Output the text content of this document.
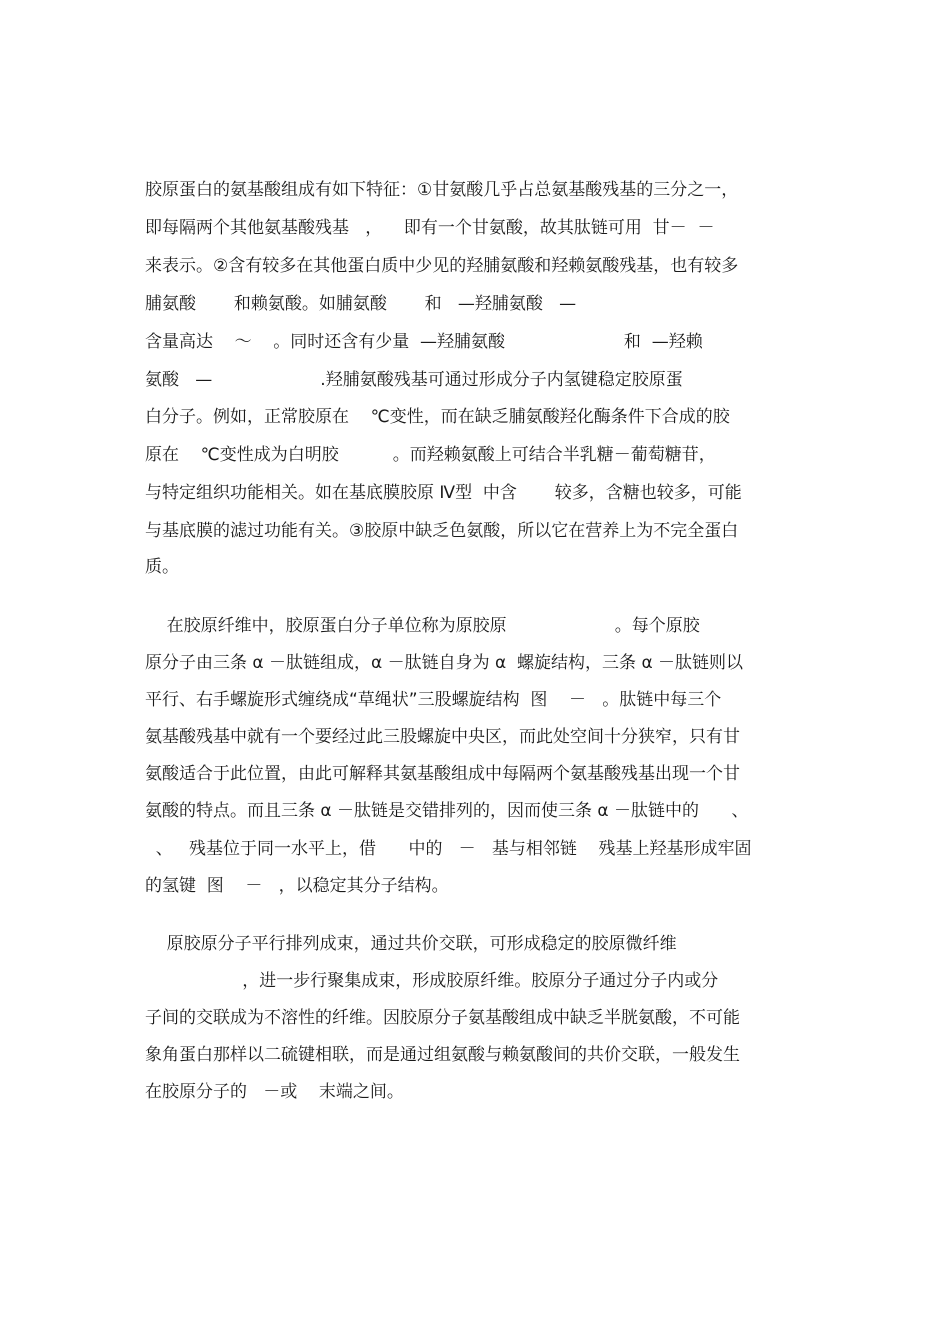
胶原蛋白的氨基酸组成有如下特征：①甘氨酸几乎占总氨基酸残基的三分之一，

即每隔两个其他氨基酸残基   ，    即有一个甘氨酸，故其肽链可用  甘－  －

来表示。②含有较多在其他蛋白质中少见的羟脯氨酸和羟赖氨酸残基，也有较多

脯氨酸       和赖氨酸。如脯氨酸       和   —羟脯氨酸   —

含量高达    ～    。同时还含有少量  —羟脯氨酸                      和  —羟赖

氨酸   —                    .羟脯氨酸残基可通过形成分子内氢键稳定胶原蛋

白分子。例如，正常胶原在    ℃变性，而在缺乏脯氨酸羟化酶条件下合成的胶

原在    ℃变性成为白明胶          。而羟赖氨酸上可结合半乳糖－葡萄糖苷，

与特定组织功能相关。如在基底膜胶原 Ⅳ型  中含       较多，含糖也较多，可能

与基底膜的滤过功能有关。③胶原中缺乏色氨酸，所以它在营养上为不完全蛋白

质。

在胶原纤维中，胶原蛋白分子单位称为原胶原                    。每个原胶

原分子由三条 α －肽链组成，α －肽链自身为 α  螺旋结构，三条 α －肽链则以

平行、右手螺旋形式缠绕成“草绳状”三股螺旋结构  图    －   。肽链中每三个

氨基酸残基中就有一个要经过此三股螺旋中央区，而此处空间十分狭窄，只有甘

氨酸适合于此位置，由此可解释其氨基酸组成中每隔两个氨基酸残基出现一个甘

氨酸的特点。而且三条 α －肽链是交错排列的，因而使三条 α －肽链中的      、

、   残基位于同一水平上，借      中的   －   基与相邻链    残基上羟基形成牢固

的氢键  图    －   ，以稳定其分子结构。

原胶原分子平行排列成束，通过共价交联，可形成稳定的胶原微纤维

，进一步行聚集成束，形成胶原纤维。胶原分子通过分子内或分

子间的交联成为不溶性的纤维。因胶原分子氨基酸组成中缺乏半胱氨酸，不可能

象角蛋白那样以二硫键相联，而是通过组氨酸与赖氨酸间的共价交联，一般发生

在胶原分子的   －或    末端之间。
